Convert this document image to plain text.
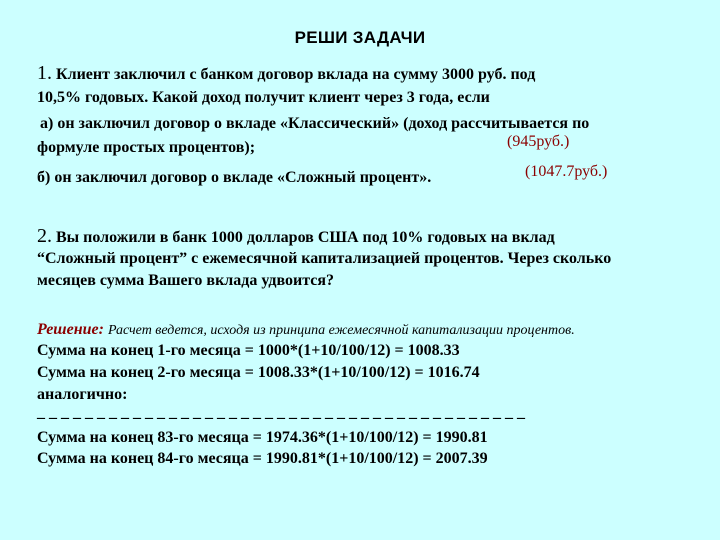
РЕШИ ЗАДАЧИ
1. Клиент заключил с банком договор вклада на сумму 3000 руб. под
10,5% годовых. Какой доход получит клиент через 3 года, если
а) он заключил договор о вкладе «Классический» (доход рассчитывается по
(945руб.)
формуле простых процентов);
(1047.7руб.)
б) он заключил договор о вкладе «Сложный процент».
2. Вы положили в банк 1000 долларов США под 10% годовых на вклад
“Сложный процент” с ежемесячной капитализацией процентов. Через сколько
месяцев сумма Вашего вклада удвоится?
Решение: Расчет ведется, исходя из принципа ежемесячной капитализации процентов.
Сумма на конец 1-го месяца = 1000*(1+10/100/12) = 1008.33
Сумма на конец 2-го месяца = 1008.33*(1+10/100/12) = 1016.74
аналогично:
_ _ _ _ _ _ _ _ _ _ _ _ _ _ _ _ _ _ _ _ _ _ _ _ _ _ _ _ _ _ _ _ _ _ _ _ _ _ _ _ _
Сумма на конец 83-го месяца = 1974.36*(1+10/100/12) = 1990.81
Сумма на конец 84-го месяца = 1990.81*(1+10/100/12) = 2007.39
